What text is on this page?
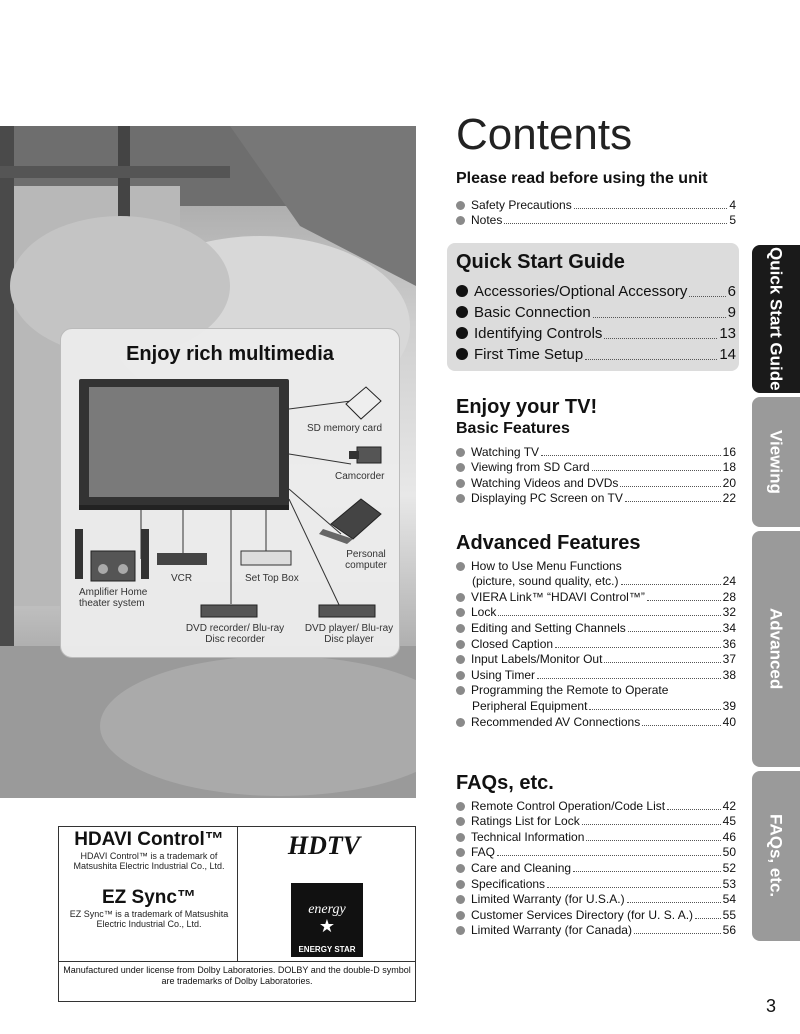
Enjoy rich multimedia
SD memory card
Camcorder
Personal computer
VCR	Set Top Box
Amplifier Home theater system
DVD recorder/ Blu-ray Disc recorder
DVD player/ Blu-ray Disc player
HDAVI Control™
HDAVI Control™ is a trademark of Matsushita Electric Industrial Co., Ltd.
EZ Sync™
EZ Sync™ is a trademark of Matsushita Electric Industrial Co., Ltd.
HDTV
energy
★
ENERGY STAR
Manufactured under license from Dolby Laboratories. DOLBY and the double-D symbol are trademarks of Dolby Laboratories.
Contents
Please read before using the unit
Safety Precautions	4
Notes	5
Quick Start Guide
Accessories/Optional Accessory	6
Basic Connection	9
Identifying Controls	13
First Time Setup	14
Enjoy your TV!
Basic Features
Watching TV	16
Viewing from SD Card	18
Watching Videos and DVDs	20
Displaying PC Screen on TV	22
Advanced Features
How to Use Menu Functions
(picture, sound quality, etc.)	24
VIERA Link™ “HDAVI Control™”	28
Lock	32
Editing and Setting Channels	34
Closed Caption	36
Input Labels/Monitor Out	37
Using Timer	38
Programming the Remote to Operate
Peripheral Equipment	39
Recommended AV Connections	40
FAQs, etc.
Remote Control Operation/Code List	42
Ratings List for Lock	45
Technical Information	46
FAQ	50
Care and Cleaning	52
Specifications	53
Limited Warranty (for U.S.A.)	54
Customer Services Directory (for U. S. A.) 55
Limited Warranty (for Canada)	56
Quick Start Guide
Viewing
Advanced
FAQs, etc.
3
